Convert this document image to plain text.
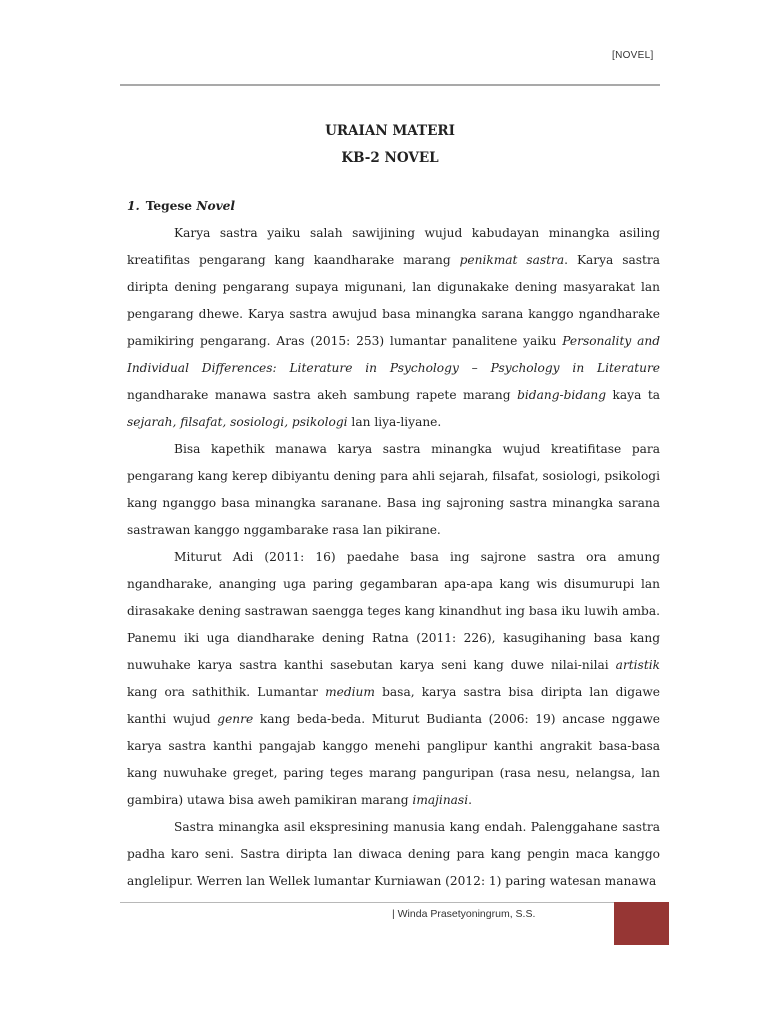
[NOVEL]

URAIAN MATERI

KB-2 NOVEL

1. Tegese Novel

Karya sastra yaiku salah sawijining wujud kabudayan minangka asiling kreatifitas pengarang kang kaandharake marang penikmat sastra. Karya sastra diripta dening pengarang supaya migunani, lan digunakake dening masyarakat lan pengarang dhewe. Karya sastra awujud basa minangka sarana kanggo ngandharake pamikiring pengarang. Aras (2015: 253) lumantar panalitene yaiku Personality and Individual Differences: Literature in Psychology – Psychology in Literature ngandharake manawa sastra akeh sambung rapete marang bidang-bidang kaya ta sejarah, filsafat, sosiologi, psikologi lan liya-liyane.

Bisa kapethik manawa karya sastra minangka wujud kreatifitase para pengarang kang kerep dibiyantu dening para ahli sejarah, filsafat, sosiologi, psikologi kang nganggo basa minangka saranane. Basa ing sajroning sastra minangka sarana sastrawan kanggo nggambarake rasa lan pikirane.

Miturut Adi (2011: 16) paedahe basa ing sajrone sastra ora amung ngandharake, ananging uga paring gegambaran apa-apa kang wis disumurupi lan dirasakake dening sastrawan saengga teges kang kinandhut ing basa iku luwih amba. Panemu iki uga diandharake dening Ratna (2011: 226), kasugihaning basa kang nuwuhake karya sastra kanthi sasebutan karya seni kang duwe nilai-nilai artistik kang ora sathithik. Lumantar medium basa, karya sastra bisa diripta lan digawe kanthi wujud genre kang beda-beda. Miturut Budianta (2006: 19) ancase nggawe karya sastra kanthi pangajab kanggo menehi panglipur kanthi angrakit basa-basa kang nuwuhake greget, paring teges marang panguripan (rasa nesu, nelangsa, lan gambira) utawa bisa aweh pamikiran marang imajinasi.

Sastra minangka asil ekspresining manusia kang endah. Palenggahane sastra padha karo seni. Sastra diripta lan diwaca dening para kang pengin maca kanggo anglelipur. Werren lan Wellek lumantar Kurniawan (2012: 1) paring watesan manawa

| Winda Prasetyoningrum, S.S.
